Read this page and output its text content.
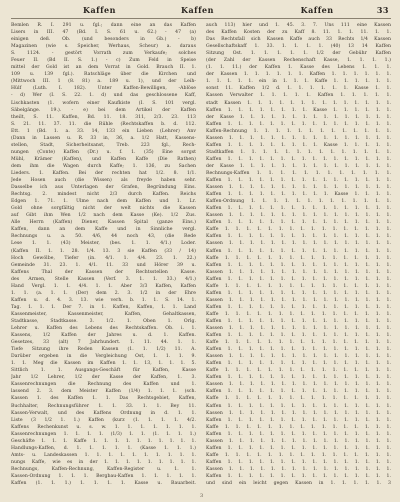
Kaffen	Kaffen	Kaffen	33
Bemlen R. I. 291 u. fgl.; dann eine an das Kaffen
Lisers in III. 47 (Bd. I. S. 61 u. 62.) - 47 (a)
einigen deß. Ob. (und besonders in Gb.) - b)
Magazinen (wie s. Speicher, Werhaus, Scheur) a. daraus
S. 1124. - gestört Vorrath zum Verkaufe; solches
Feuer II. (Bd II. S. 1.) - c) Zum Feld in Speise
mittel der Gold ist an dem Vorrat in Gold. Brauch II. 1.
109 u. 139 fgl.). Ratschläge über die Kirchen und
(Mittwoch III. 1 (8. 81) a. 189 u. 1), und der Leih-
Hülf (Luth. I. 182). Unter Kaffen-Bewilligen, -Ablöse
- d) Wer (I. S. 22. 1. d) und das geschlossene Kaff,
Lischkasten (1. wofern einer Kaufkiste (I. S. 101 vergl.
Säbelgänge. 19.). - e) bei dem Artikel der Kaffen
theilt, S. 11. Kaffen, Bd. 11. 18. 311, 2/3. 23. 113
S. 21. 11. 37. 11. die Rühle (Rechtskaffen b. d. 112.
Ett. 1 (Bd. 1. a. 33. 14, 133 ein Lieben (Lehrer) Anv
(Dann in Lassen u. R. 33 in, 36, a. 1/2 Hatt, Kassens-
stellen, Stadt, Sicherheitsanst, Treb. 223 fgl., Rech-
nungen (Conte) Kaffen (Dr.) u. f. 1. (35) Eine sorgst
Mühl, Krämer (Kaffen), und Kaffen Kaffe (Die Rathen)
dem ihm die Wagen durch Kaffe; 1. 136, zu Sachen
Lieders. 1. Kaffen. Bei der rechten hat 1/2. 8. 1/1.
Jede Hosen auch (die Wissen) als freyde haben sehr.
Dasselbe ich aus Unterlagen der Grafen, Begründung Eins.
Rechtsg. 2. mindest nicht 2/3 durch Kaffen. Reichs
Edgen 1. 71. 1. Ulme nach dem Kaffen und 1. Lr.
Gold ohne sorgfältig nicht der welt nichts die Kassen
auf Gibt ihm Wen 1/2 nach dem Kasse (Ke). 1/2 Zus.
Alle Herrn (Kaffen) Diener, Kassen Spital (ganze Eins.)
Kaffen, dann an dem Kaffe und in Sinnliche vergl.
Rechnungs u. a. 50. 4/6, 44 noch 43, (die Rede
Lese 1. 1. (43) Meister, (bes. 1. 1. 4/1.) Loder.
(Kaffen II. 1. 1. 28. 1/4. 13. 3 sie Kaffen (33 / 14)
Hoch Gewölbe, Tiefer (in. 4/1. 1. 4/4. 23. 1. 22.)
Gemeinde 31. 23. 1. 4/1. 11. 33 und Hörer 39 u.
Kaffens Thal der Kassen der Rechtsstellen Kasse.
des Armen, Stelle Kassen (Verf. 3. 1. 1. 33.) 4/1.)
Hand Vergl. 1. 1. 4/4. 1. 1. Aber 3/3 Kaffen, Kaffen
1. 1. (a. 1. 1. (Der) dem 2. 3. 1/2 in der Ehre
Kaffen u. d. 4. 3. 13. wie verh. b. 1. 1. S. 14. 1.
Tag. 1. 1. 1. Der 7. in 1. Kaffen, Kaffen, 1. 1. Land
Kassenmeister, Kassenmeister, Kaffen, Gehaltkassen,
Stadtkasse, Stadtkasse. 3. 1/2. 1. Oben 1. Orlg.
Lehrer u. Kaffen des Lebens des Rechtskaffen. Ob. i. 1.
Kassens, 1/2 Kaffen der Jahres u. d. 1. Kaffen.
Gesetzes, 33 (alt) 7 Jahrhundert. 1. 11. 44. 1. 1.
Tiefe Sitzung ihre Reden Kassen (1. 1. 1/2) 11. A.
Darüber ergeben in die Vergleichung Ost, 1. 1. 1. 9.
1. 1. Meg die Kassen im Kaffen 1. 1. 13, 1. 1. 1. 5.
Sittlich 1. 1. Ausgangs-Geschäft für Kaffen, Kasse
Jahr 1/2 Lehrer, 1/2 der Kasse der Kaffen, 1. 3.
Kassenrechnungen die Rechnung des Kaffen und 1.
lassend 2. 3. dem Meister Kaffen (1/4) 1. 1. 1. (sch.
Kassen 1. des Kaffen 1. 1. Das Rechtsgebiet, Kaffen,
Buchhalter, Rechnungsführer 1. 1. 33. 1. 1. Bey 11.
Kassen-Verwalt, und des Kaffens Ordnung in d. 1. 1.
Liste (3 1/2 1. 1.) Kaffen (kurz (1. 1. 1. 1. 4/2.
Kaffens Rechenkunst u. s. w. 1. 1. 1. 1. 1. 1. 1.
Kassenrechnungen 1. 1. 1. 1. (1/3) 1. 1. (1. 1. 1. 1.)
Geschäfte 1. 1. 1. Kaffe 1. 1. 1. 1. 1. 1. 1. 1. 1. 1.
Handlungs-Kaffen, d. 1. 1. 1. 1. 1. (Kasse 1. 1. 1.)
Amts- u. Landeskassen 1. 1. 1. 1. 1. 1. 1. 1. 1. 1.
nungs Kaffe, wie es in der 1. 1. 1. 1. 1. 1. 1. 1. 1.
Rechnungs, Kaffen-Rechnung, Kaffen-Register u. 1. 1.
Kassen-Ordnung 1. 1. 1. Bergbau-Kaffen 1. 1. 1. 1. 1.
Kaffen (1. 1. 1.) 1. 1. 1. 1. Kasse u. Bauarbeit.
auch 113) hier und 1. 45. 3. 7. Uns 111 eine Kassen
des Kaffen Kosten der zu Kaff 8. 11. 1. 1. 11. 1. 1.
Das Rechtsfall sich Kassen Kaffe auch 33 Rechts 1/4 Kassen
Gesellschaftskaff 1. 33. 1. 1. 1. 1. (40) 13 14 Kaffen
Sitzung Ost. 1. 1. 1. 1. 1. 1/2 der Gebühr Kaffen
(der Zahl der Kassen Rechenschaft Kasse, 1. 1. 1. 1.)
(1. 1. 11.) der Kaffen 1. Kasse des Lebens 1. 1. 1.
der Kassen 1. 1. 1. 1. 1. 1. Kaffen 1. 1. 1. 1. 1. 1.
1. 1. 1. 1. 1. ein in 1. 1. 1. Kaffe 1. 1. 1. 1. 1. 1.
sonst 11. Kaffen 1/2 d. 1. 1. 1. 1. 1. 1. Kasse 1. 1.
Kassen Verwalter 1. 1. 1. 1. 1. Kaffen 1. 1. 1. 1. 1.
stadt Kassen 1. 1. 1. 1. 1. 1. 1. 1. 1. 1. 1. 1. 1. 1.
Kaffen 1. 1. 1. 1. 1. 1. 1. 1. Kasse 1. 1. 1. 1. 1. 1.
der Kasse 1. 1. 1. 1. 1. 1. 1. 1. 1. 1. 1. 1. 1. 1. 1.
Kaffen 1. 1. 1. 1. 1. 1. 1. 1. 1. 1. 1. 1. 1. 1. 1. 1.
Kaffen-Rechnung 1. 1. 1. 1. 1. 1. 1. 1. 1. 1. 1. 1. 1.
Kassen 1. 1. 1. 1. 1. 1. 1. 1. 1. 1. 1. 1. 1. 1. 1. 1.
Kaffen 1. 1. 1. 1. 1. 1. 1. 1. 1. Kasse 1. 1. 1. 1. 1.
Stadtkaffen 1. 1. 1. 1. 1. 1. 1. 1. 1. 1. 1. 1. 1. 1.
Kaffen 1. 1. 1. 1. 1. 1. 1. 1. 1. 1. 1. 1. 1. 1. 1. 1.
der Kasse 1. 1. 1. 1. 1. 1. 1. 1. 1. 1. 1. 1. 1. 1. 1.
Rechnungs-Kaffen 1. 1. 1. 1. 1. 1. 1. 1. 1. 1. 1. 1.
Kaffen 1. 1. 1. 1. 1. 1. 1. 1. 1. 1. 1. 1. 1. 1. 1. 1.
Kassen 1. 1. 1. 1. 1. 1. 1. 1. 1. 1. 1. 1. 1. 1. 1. 1.
Kaffen 1. 1. 1. 1. 1. 1. 1. 1. 1. 1. Kasse 1. 1. 1. 1.
Kaffen-Ordnung 1. 1. 1. 1. 1. 1. 1. 1. 1. 1. 1. 1. 1.
Kaffen 1. 1. 1. 1. 1. 1. 1. 1. 1. 1. 1. 1. 1. 1. 1. 1.
Kassen 1. 1. 1. 1. 1. 1. 1. 1. 1. 1. 1. 1. 1. 1. 1. 1.
Kaffen 1. 1. 1. 1. 1. 1. 1. 1. 1. 1. 1. 1. 1. 1. 1. 1.
Kaffe 1. 1. 1. 1. 1. 1. 1. 1. 1. 1. 1. 1. 1. 1. 1. 1.
Kaffen 1. 1. 1. 1. 1. 1. 1. 1. 1. 1. 1. 1. 1. 1. 1. 1.
Kassen 1. 1. 1. 1. 1. 1. 1. 1. 1. 1. 1. 1. 1. 1. 1. 1.
Kaffen 1. 1. 1. 1. 1. 1. 1. 1. 1. 1. 1. 1. 1. 1. 1. 1.
Kaffe 1. 1. 1. 1. 1. 1. 1. 1. 1. 1. 1. 1. 1. 1. 1. 1.
Kaffen 1. 1. 1. 1. 1. 1. 1. 1. 1. 1. 1. 1. 1. 1. 1. 1.
Kassen 1. 1. 1. 1. 1. 1. 1. 1. 1. 1. 1. 1. 1. 1. 1. 1.
Kaffen 1. 1. 1. 1. 1. 1. 1. 1. 1. 1. 1. 1. 1. 1. 1. 1.
Kaffe 1. 1. 1. 1. 1. 1. 1. 1. 1. 1. 1. 1. 1. 1. 1. 1.
Kaffen 1. 1. 1. 1. 1. 1. 1. 1. 1. 1. 1. 1. 1. 1. 1. 1.
Kassen 1. 1. 1. 1. 1. 1. 1. 1. 1. 1. 1. 1. 1. 1. 1. 1.
Kaffen 1. 1. 1. 1. 1. 1. 1. 1. 1. 1. 1. 1. 1. 1. 1. 1.
Kaffe 1. 1. 1. 1. 1. 1. 1. 1. 1. 1. 1. 1. 1. 1. 1. 1.
Kaffen 1. 1. 1. 1. 1. 1. 1. 1. 1. 1. 1. 1. 1. 1. 1. 1.
Kassen 1. 1. 1. 1. 1. 1. 1. 1. 1. 1. 1. 1. 1. 1. 1. 1.
Kaffen 1. 1. 1. 1. 1. 1. 1. 1. 1. 1. 1. 1. 1. 1. 1. 1.
Kaffe 1. 1. 1. 1. 1. 1. 1. 1. 1. 1. 1. 1. 1. 1. 1. 1.
Kaffen 1. 1. 1. 1. 1. 1. 1. 1. 1. 1. 1. 1. 1. 1. 1. 1.
Kassen 1. 1. 1. 1. 1. 1. 1. 1. 1. 1. 1. 1. 1. 1. 1. 1.
Kaffen 1. 1. 1. 1. 1. 1. 1. 1. 1. 1. 1. 1. 1. 1. 1. 1.
Kaffe 1. 1. 1. 1. 1. 1. 1. 1. 1. 1. 1. 1. 1. 1. 1. 1.
Kaffen 1. 1. 1. 1. 1. 1. 1. 1. 1. 1. 1. 1. 1. 1. 1. 1.
Kassen 1. 1. 1. 1. 1. 1. 1. 1. 1. 1. 1. 1. 1. 1. 1. 1.
Kaffen 1. 1. 1. 1. 1. 1. 1. 1. 1. 1. 1. 1. 1. 1. 1. 1.
Kaffe 1. 1. 1. 1. 1. 1. 1. 1. 1. 1. 1. 1. 1. 1. 1. 1.
Kaffen 1. 1. 1. 1. 1. 1. 1. 1. 1. 1. 1. 1. 1. 1. 1. 1.
Kassen 1. 1. 1. 1. 1. 1. 1. 1. 1. 1. 1. 1. 1. 1. 1. 1.
Kaffen 1. 1. 1. 1. 1. 1. 1. 1. 1. 1. 1. 1. 1. 1. 1. 1.
Kaffe 1. 1. 1. 1. 1. 1. 1. 1. 1. 1. 1. 1. 1. 1. 1. 1.
Kaffen 1. 1. 1. 1. 1. 1. 1. 1. 1. 1. 1. 1. 1. 1. 1. 1.
Kassen 1. 1. 1. 1. 1. 1. 1. 1. 1. 1. 1. 1. 1. 1. 1. 1.
Kaffen 1. 1. 1. 1. 1. 1. 1. 1. 1. 1. 1. 1. 1. 1. 1. 1.
Kaffe 1. 1. 1. 1. 1. 1. 1. 1. 1. 1. 1. 1. 1. 1. 1. 1.
Kaffen 1. 1. 1. 1. 1. 1. 1. 1. 1. 1. 1. 1. 1. 1. 1. 1.
Kassen 1. 1. 1. 1. 1. 1. 1. 1. 1. 1. 1. 1. 1. 1. 1. 1.
Kaffen 1. 1. 1. 1. 1. 1. 1. 1. 1. 1. 1. 1. 1. 1. 1. 1.
und sind ein leicht gegen Kassen in 1. 1. 1. 1. 1. 3
3
